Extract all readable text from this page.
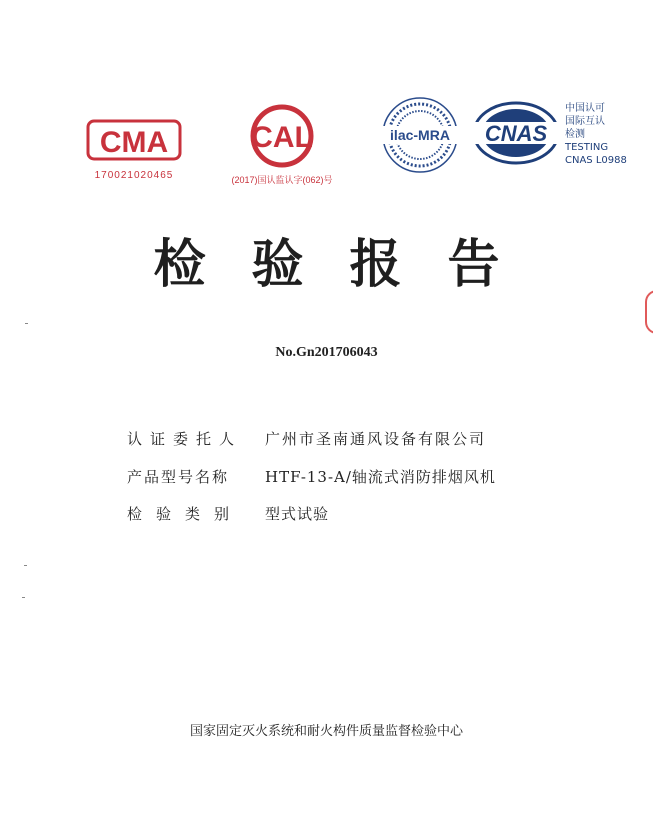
CMA
170021020465
CAL
(2017)国认监认字(062)号
ilac-MRA CNAS
中国认可
国际互认
检测
TESTING
CNAS L0988
检验报告
No.Gn201706043
认证委托人 广州市圣南通风设备有限公司
产品型号名称 HTF-13-A/轴流式消防排烟风机
检验类别 型式试验
国家固定灭火系统和耐火构件质量监督检验中心
